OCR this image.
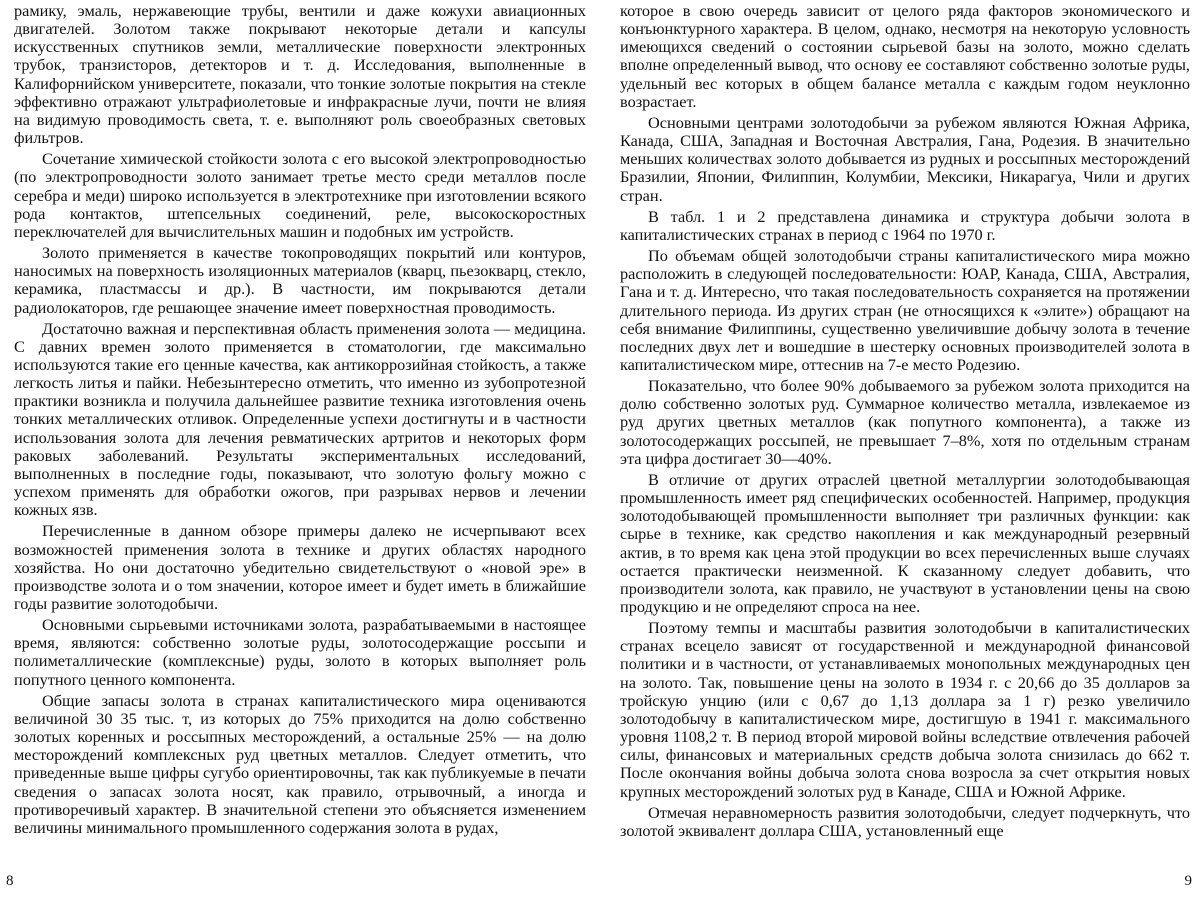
рамику, эмаль, нержавеющие трубы, вентили и даже кожухи авиационных двигателей. Золотом также покрывают некоторые детали и капсулы искусственных спутников земли, металлические поверхности электронных трубок, транзисторов, детекторов и т. д. Исследования, выполненные в Калифорнийском университете, показали, что тонкие золотые покрытия на стекле эффективно отражают ультрафиолетовые и инфракрасные лучи, почти не влияя на видимую проводимость света, т. е. выполняют роль своеобразных световых фильтров.

Сочетание химической стойкости золота с его высокой электропроводностью (по электропроводности золото занимает третье место среди металлов после серебра и меди) широко используется в электротехнике при изготовлении всякого рода контактов, штепсельных соединений, реле, высокоскоростных переключателей для вычислительных машин и подобных им устройств.

Золото применяется в качестве токопроводящих покрытий или контуров, наносимых на поверхность изоляционных материалов (кварц, пьезокварц, стекло, керамика, пластмассы и др.). В частности, им покрываются детали радиолокаторов, где решающее значение имеет поверхностная проводимость.

Достаточно важная и перспективная область применения золота — медицина. С давних времен золото применяется в стоматологии, где максимально используются такие его ценные качества, как антикоррозийная стойкость, а также легкость литья и пайки. Небезынтересно отметить, что именно из зубопротезной практики возникла и получила дальнейшее развитие техника изготовления очень тонких металлических отливок. Определенные успехи достигнуты и в частности использования золота для лечения ревматических артритов и некоторых форм раковых заболеваний. Результаты экспериментальных исследований, выполненных в последние годы, показывают, что золотую фольгу можно с успехом применять для обработки ожогов, при разрывах нервов и лечении кожных язв.

Перечисленные в данном обзоре примеры далеко не исчерпывают всех возможностей применения золота в технике и других областях народного хозяйства. Но они достаточно убедительно свидетельствуют о «новой эре» в производстве золота и о том значении, которое имеет и будет иметь в ближайшие годы развитие золотодобычи.

Основными сырьевыми источниками золота, разрабатываемыми в настоящее время, являются: собственно золотые руды, золотосодержащие россыпи и полиметаллические (комплексные) руды, золото в которых выполняет роль попутного ценного компонента.

Общие запасы золота в странах капиталистического мира оцениваются величиной 30 35 тыс. т, из которых до 75% приходится на долю собственно золотых коренных и россыпных месторождений, а остальные 25% — на долю месторождений комплексных руд цветных металлов. Следует отметить, что приведенные выше цифры сугубо ориентировочны, так как публикуемые в печати сведения о запасах золота носят, как правило, отрывочный, а иногда и противоречивый характер. В значительной степени это объясняется изменением величины минимального промышленного содержания золота в рудах,

8

которое в свою очередь зависит от целого ряда факторов экономического и конъюнктурного характера. В целом, однако, несмотря на некоторую условность имеющихся сведений о состоянии сырьевой базы на золото, можно сделать вполне определенный вывод, что основу ее составляют собственно золотые руды, удельный вес которых в общем балансе металла с каждым годом неуклонно возрастает.

Основными центрами золотодобычи за рубежом являются Южная Африка, Канада, США, Западная и Восточная Австралия, Гана, Родезия. В значительно меньших количествах золото добывается из рудных и россыпных месторождений Бразилии, Японии, Филиппин, Колумбии, Мексики, Никарагуа, Чили и других стран.

В табл. 1 и 2 представлена динамика и структура добычи золота в капиталистических странах в период с 1964 по 1970 г.

По объемам общей золотодобычи страны капиталистического мира можно расположить в следующей последовательности: ЮАР, Канада, США, Австралия, Гана и т. д. Интересно, что такая последовательность сохраняется на протяжении длительного периода. Из других стран (не относящихся к «элите») обращают на себя внимание Филиппины, существенно увеличившие добычу золота в течение последних двух лет и вошедшие в шестерку основных производителей золота в капиталистическом мире, оттеснив на 7-е место Родезию.

Показательно, что более 90% добываемого за рубежом золота приходится на долю собственно золотых руд. Суммарное количество металла, извлекаемое из руд других цветных металлов (как попутного компонента), а также из золотосодержащих россыпей, не превышает 7–8%, хотя по отдельным странам эта цифра достигает 30—40%.

В отличие от других отраслей цветной металлургии золотодобывающая промышленность имеет ряд специфических особенностей. Например, продукция золотодобывающей промышленности выполняет три различных функции: как сырье в технике, как средство накопления и как международный резервный актив, в то время как цена этой продукции во всех перечисленных выше случаях остается практически неизменной. К сказанному следует добавить, что производители золота, как правило, не участвуют в установлении цены на свою продукцию и не определяют спроса на нее.

Поэтому темпы и масштабы развития золотодобычи в капиталистических странах всецело зависят от государственной и международной финансовой политики и в частности, от устанавливаемых монопольных международных цен на золото. Так, повышение цены на золото в 1934 г. с 20,66 до 35 долларов за тройскую унцию (или с 0,67 до 1,13 доллара за 1 г) резко увеличило золотодобычу в капиталистическом мире, достигшую в 1941 г. максимального уровня 1108,2 т. В период второй мировой войны вследствие отвлечения рабочей силы, финансовых и материальных средств добыча золота снизилась до 662 т. После окончания войны добыча золота снова возросла за счет открытия новых крупных месторождений золотых руд в Канаде, США и Южной Африке.

Отмечая неравномерность развития золотодобычи, следует подчеркнуть, что золотой эквивалент доллара США, установленный еще

9
